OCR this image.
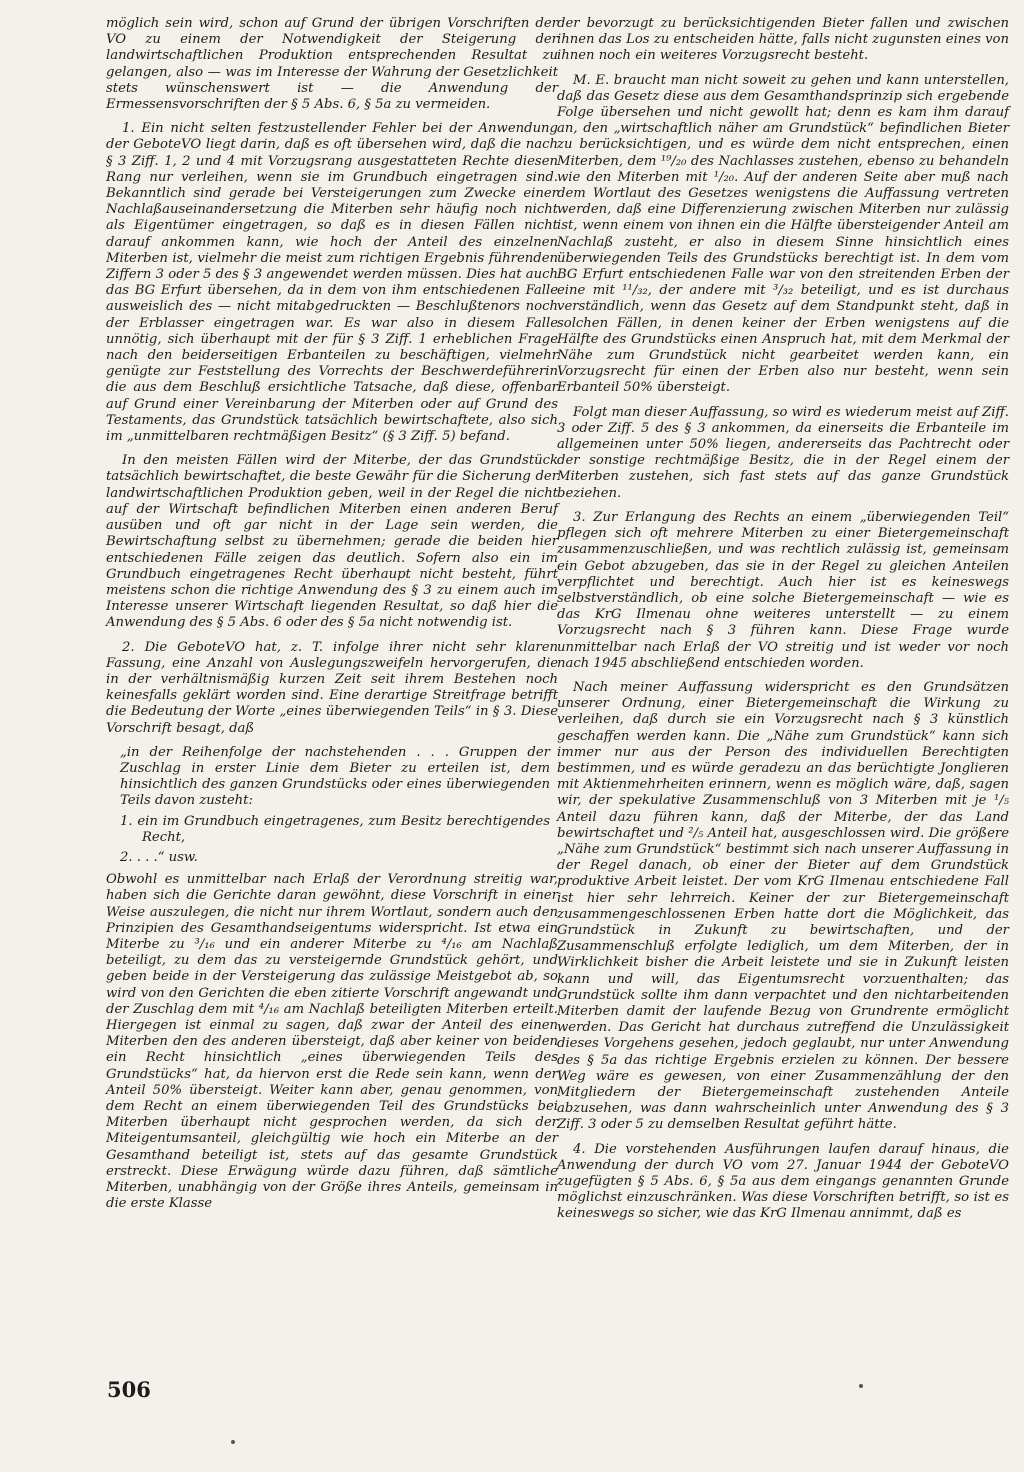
möglich sein wird, schon auf Grund der übrigen Vorschriften der VO zu einem der Notwendigkeit der Steigerung der landwirtschaftlichen Produktion entsprechenden Resultat zu gelangen, also — was im Interesse der Wahrung der Gesetzlichkeit stets wünschenswert ist — die Anwendung der Ermessensvorschriften der § 5 Abs. 6, § 5a zu vermeiden.

1. Ein nicht selten festzustellender Fehler bei der Anwendung der GeboteVO liegt darin, daß es oft übersehen wird, daß die nach § 3 Ziff. 1, 2 und 4 mit Vorzugsrang ausgestatteten Rechte diesen Rang nur verleihen, wenn sie im Grundbuch eingetragen sind. Bekanntlich sind gerade bei Versteigerungen zum Zwecke einer Nachlaßauseinandersetzung die Miterben sehr häufig noch nicht als Eigentümer eingetragen, so daß es in diesen Fällen nicht darauf ankommen kann, wie hoch der Anteil des einzelnen Miterben ist, vielmehr die meist zum richtigen Ergebnis führenden Ziffern 3 oder 5 des § 3 angewendet werden müssen. Dies hat auch das BG Erfurt übersehen, da in dem von ihm entschiedenen Falle ausweislich des — nicht mitabgedruckten — Beschlußtenors noch der Erblasser eingetragen war. Es war also in diesem Falle unnötig, sich überhaupt mit der für § 3 Ziff. 1 erheblichen Frage nach den beiderseitigen Erbanteilen zu beschäftigen, vielmehr genügte zur Feststellung des Vorrechts der Beschwerdeführerin die aus dem Beschluß ersichtliche Tatsache, daß diese, offenbar auf Grund einer Vereinbarung der Miterben oder auf Grund des Testaments, das Grundstück tatsächlich bewirtschaftete, also sich im „unmittelbaren rechtmäßigen Besitz“ (§ 3 Ziff. 5) befand.

In den meisten Fällen wird der Miterbe, der das Grundstück tatsächlich bewirtschaftet, die beste Gewähr für die Sicherung der landwirtschaftlichen Produktion geben, weil in der Regel die nicht auf der Wirtschaft befindlichen Miterben einen anderen Beruf ausüben und oft gar nicht in der Lage sein werden, die Bewirtschaftung selbst zu übernehmen; gerade die beiden hier entschiedenen Fälle zeigen das deutlich. Sofern also ein im Grundbuch eingetragenes Recht überhaupt nicht besteht, führt meistens schon die richtige Anwendung des § 3 zu einem auch im Interesse unserer Wirtschaft liegenden Resultat, so daß hier die Anwendung des § 5 Abs. 6 oder des § 5a nicht notwendig ist.

2. Die GeboteVO hat, z. T. infolge ihrer nicht sehr klaren Fassung, eine Anzahl von Auslegungszweifeln hervorgerufen, die in der verhältnismäßig kurzen Zeit seit ihrem Bestehen noch keinesfalls geklärt worden sind. Eine derartige Streitfrage betrifft die Bedeutung der Worte „eines überwiegenden Teils“ in § 3. Diese Vorschrift besagt, daß

„in der Reihenfolge der nachstehenden . . . Gruppen der Zuschlag in erster Linie dem Bieter zu erteilen ist, dem hinsichtlich des ganzen Grundstücks oder eines überwiegenden Teils davon zusteht:

1. ein im Grundbuch eingetragenes, zum Besitz berechtigendes Recht,

2. . . .“ usw.

Obwohl es unmittelbar nach Erlaß der Verordnung streitig war, haben sich die Gerichte daran gewöhnt, diese Vorschrift in einer Weise auszulegen, die nicht nur ihrem Wortlaut, sondern auch den Prinzipien des Gesamthandseigentums widerspricht. Ist etwa ein Miterbe zu ³/₁₆ und ein anderer Miterbe zu ⁴/₁₆ am Nachlaß beteiligt, zu dem das zu versteigernde Grundstück gehört, und geben beide in der Versteigerung das zulässige Meistgebot ab, so wird von den Gerichten die eben zitierte Vorschrift angewandt und der Zuschlag dem mit ⁴/₁₆ am Nachlaß beteiligten Miterben erteilt. Hiergegen ist einmal zu sagen, daß zwar der Anteil des einen Miterben den des anderen übersteigt, daß aber keiner von beiden ein Recht hinsichtlich „eines überwiegenden Teils des Grundstücks“ hat, da hiervon erst die Rede sein kann, wenn der Anteil 50% übersteigt. Weiter kann aber, genau genommen, von dem Recht an einem überwiegenden Teil des Grundstücks bei Miterben überhaupt nicht gesprochen werden, da sich der Miteigentumsanteil, gleichgültig wie hoch ein Miterbe an der Gesamthand beteiligt ist, stets auf das gesamte Grundstück erstreckt. Diese Erwägung würde dazu führen, daß sämtliche Miterben, unabhängig von der Größe ihres Anteils, gemeinsam in die erste Klasse

der bevorzugt zu berücksichtigenden Bieter fallen und zwischen ihnen das Los zu entscheiden hätte, falls nicht zugunsten eines von ihnen noch ein weiteres Vorzugsrecht besteht.

M. E. braucht man nicht soweit zu gehen und kann unterstellen, daß das Gesetz diese aus dem Gesamthandsprinzip sich ergebende Folge übersehen und nicht gewollt hat; denn es kam ihm darauf an, den „wirtschaftlich näher am Grundstück“ befindlichen Bieter zu berücksichtigen, und es würde dem nicht entsprechen, einen Miterben, dem ¹⁹/₂₀ des Nachlasses zustehen, ebenso zu behandeln wie den Miterben mit ¹/₂₀. Auf der anderen Seite aber muß nach dem Wortlaut des Gesetzes wenigstens die Auffassung vertreten werden, daß eine Differenzierung zwischen Miterben nur zulässig ist, wenn einem von ihnen ein die Hälfte übersteigender Anteil am Nachlaß zusteht, er also in diesem Sinne hinsichtlich eines überwiegenden Teils des Grundstücks berechtigt ist. In dem vom BG Erfurt entschiedenen Falle war von den streitenden Erben der eine mit ¹¹/₃₂, der andere mit ³/₃₂ beteiligt, und es ist durchaus verständlich, wenn das Gesetz auf dem Standpunkt steht, daß in solchen Fällen, in denen keiner der Erben wenigstens auf die Hälfte des Grundstücks einen Anspruch hat, mit dem Merkmal der Nähe zum Grundstück nicht gearbeitet werden kann, ein Vorzugsrecht für einen der Erben also nur besteht, wenn sein Erbanteil 50% übersteigt.

Folgt man dieser Auffassung, so wird es wiederum meist auf Ziff. 3 oder Ziff. 5 des § 3 ankommen, da einerseits die Erbanteile im allgemeinen unter 50% liegen, andererseits das Pachtrecht oder der sonstige rechtmäßige Besitz, die in der Regel einem der Miterben zustehen, sich fast stets auf das ganze Grundstück beziehen.

3. Zur Erlangung des Rechts an einem „überwiegenden Teil“ pflegen sich oft mehrere Miterben zu einer Bietergemeinschaft zusammenzuschließen, und was rechtlich zulässig ist, gemeinsam ein Gebot abzugeben, das sie in der Regel zu gleichen Anteilen verpflichtet und berechtigt. Auch hier ist es keineswegs selbstverständlich, ob eine solche Bietergemeinschaft — wie es das KrG Ilmenau ohne weiteres unterstellt — zu einem Vorzugsrecht nach § 3 führen kann. Diese Frage wurde unmittelbar nach Erlaß der VO streitig und ist weder vor noch nach 1945 abschließend entschieden worden.

Nach meiner Auffassung widerspricht es den Grundsätzen unserer Ordnung, einer Bietergemeinschaft die Wirkung zu verleihen, daß durch sie ein Vorzugsrecht nach § 3 künstlich geschaffen werden kann. Die „Nähe zum Grundstück“ kann sich immer nur aus der Person des individuellen Berechtigten bestimmen, und es würde geradezu an das berüchtigte Jonglieren mit Aktienmehrheiten erinnern, wenn es möglich wäre, daß, sagen wir, der spekulative Zusammenschluß von 3 Miterben mit je ¹/₅ Anteil dazu führen kann, daß der Miterbe, der das Land bewirtschaftet und ²/₅ Anteil hat, ausgeschlossen wird. Die größere „Nähe zum Grundstück“ bestimmt sich nach unserer Auffassung in der Regel danach, ob einer der Bieter auf dem Grundstück produktive Arbeit leistet. Der vom KrG Ilmenau entschiedene Fall ist hier sehr lehrreich. Keiner der zur Bietergemeinschaft zusammengeschlossenen Erben hatte dort die Möglichkeit, das Grundstück in Zukunft zu bewirtschaften, und der Zusammenschluß erfolgte lediglich, um dem Miterben, der in Wirklichkeit bisher die Arbeit leistete und sie in Zukunft leisten kann und will, das Eigentumsrecht vorzuenthalten; das Grundstück sollte ihm dann verpachtet und den nichtarbeitenden Miterben damit der laufende Bezug von Grundrente ermöglicht werden. Das Gericht hat durchaus zutreffend die Unzulässigkeit dieses Vorgehens gesehen, jedoch geglaubt, nur unter Anwendung des § 5a das richtige Ergebnis erzielen zu können. Der bessere Weg wäre es gewesen, von einer Zusammenzählung der den Mitgliedern der Bietergemeinschaft zustehenden Anteile abzusehen, was dann wahrscheinlich unter Anwendung des § 3 Ziff. 3 oder 5 zu demselben Resultat geführt hätte.

4. Die vorstehenden Ausführungen laufen darauf hinaus, die Anwendung der durch VO vom 27. Januar 1944 der GeboteVO zugefügten § 5 Abs. 6, § 5a aus dem eingangs genannten Grunde möglichst einzuschränken. Was diese Vorschriften betrifft, so ist es keineswegs so sicher, wie das KrG Ilmenau annimmt, daß es

506
